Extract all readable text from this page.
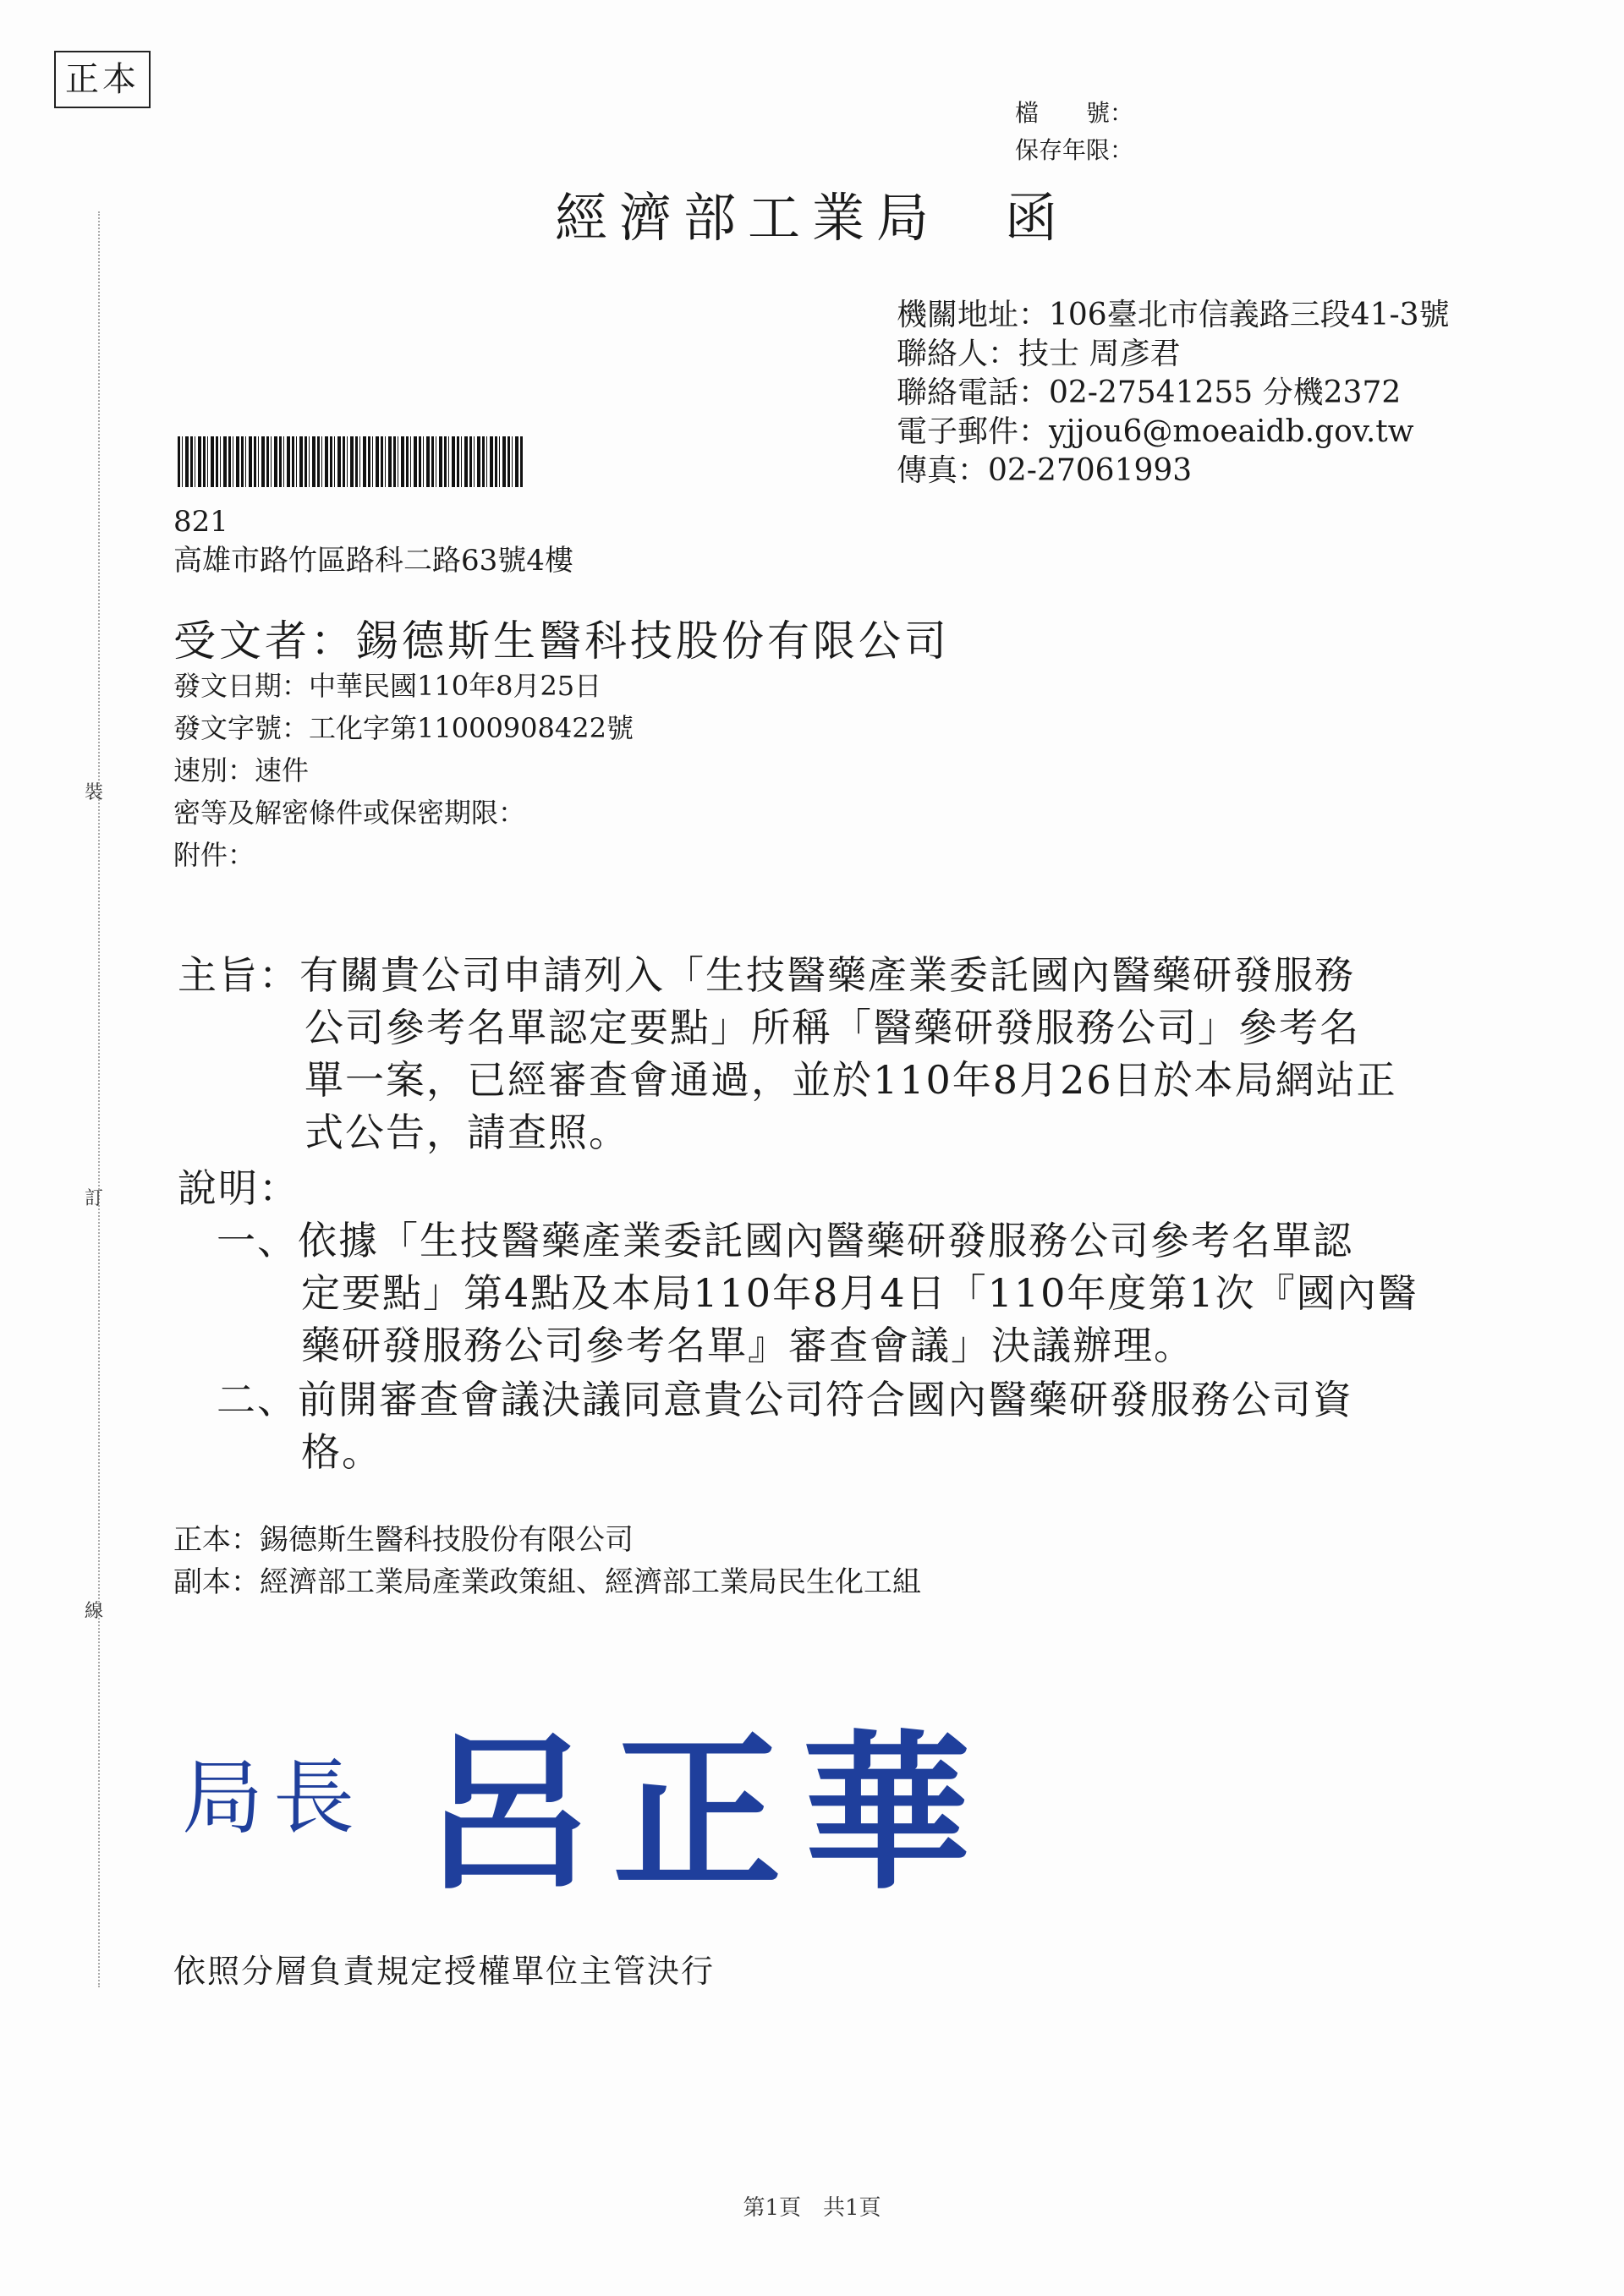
正本
檔　　號：
保存年限：
經濟部工業局　函
機關地址：106臺北市信義路三段41-3號
聯絡人：技士 周彥君
聯絡電話：02-27541255 分機2372
電子郵件：yjjou6@moeaidb.gov.tw
傳真：02-27061993
821
高雄市路竹區路科二路63號4樓
受文者：錫德斯生醫科技股份有限公司
發文日期：中華民國110年8月25日
發文字號：工化字第11000908422號
速別：速件
密等及解密條件或保密期限：
附件：
裝
訂
線
主旨：有關貴公司申請列入「生技醫藥產業委託國內醫藥研發服務
公司參考名單認定要點」所稱「醫藥研發服務公司」參考名
單一案，已經審查會通過，並於110年8月26日於本局網站正
式公告，請查照。
說明：
一、依據「生技醫藥產業委託國內醫藥研發服務公司參考名單認
定要點」第4點及本局110年8月4日「110年度第1次『國內醫
藥研發服務公司參考名單』審查會議」決議辦理。
二、前開審查會議決議同意貴公司符合國內醫藥研發服務公司資
格。
正本：錫德斯生醫科技股份有限公司
副本：經濟部工業局產業政策組、經濟部工業局民生化工組
局長 呂正華
依照分層負責規定授權單位主管決行
第1頁　共1頁
